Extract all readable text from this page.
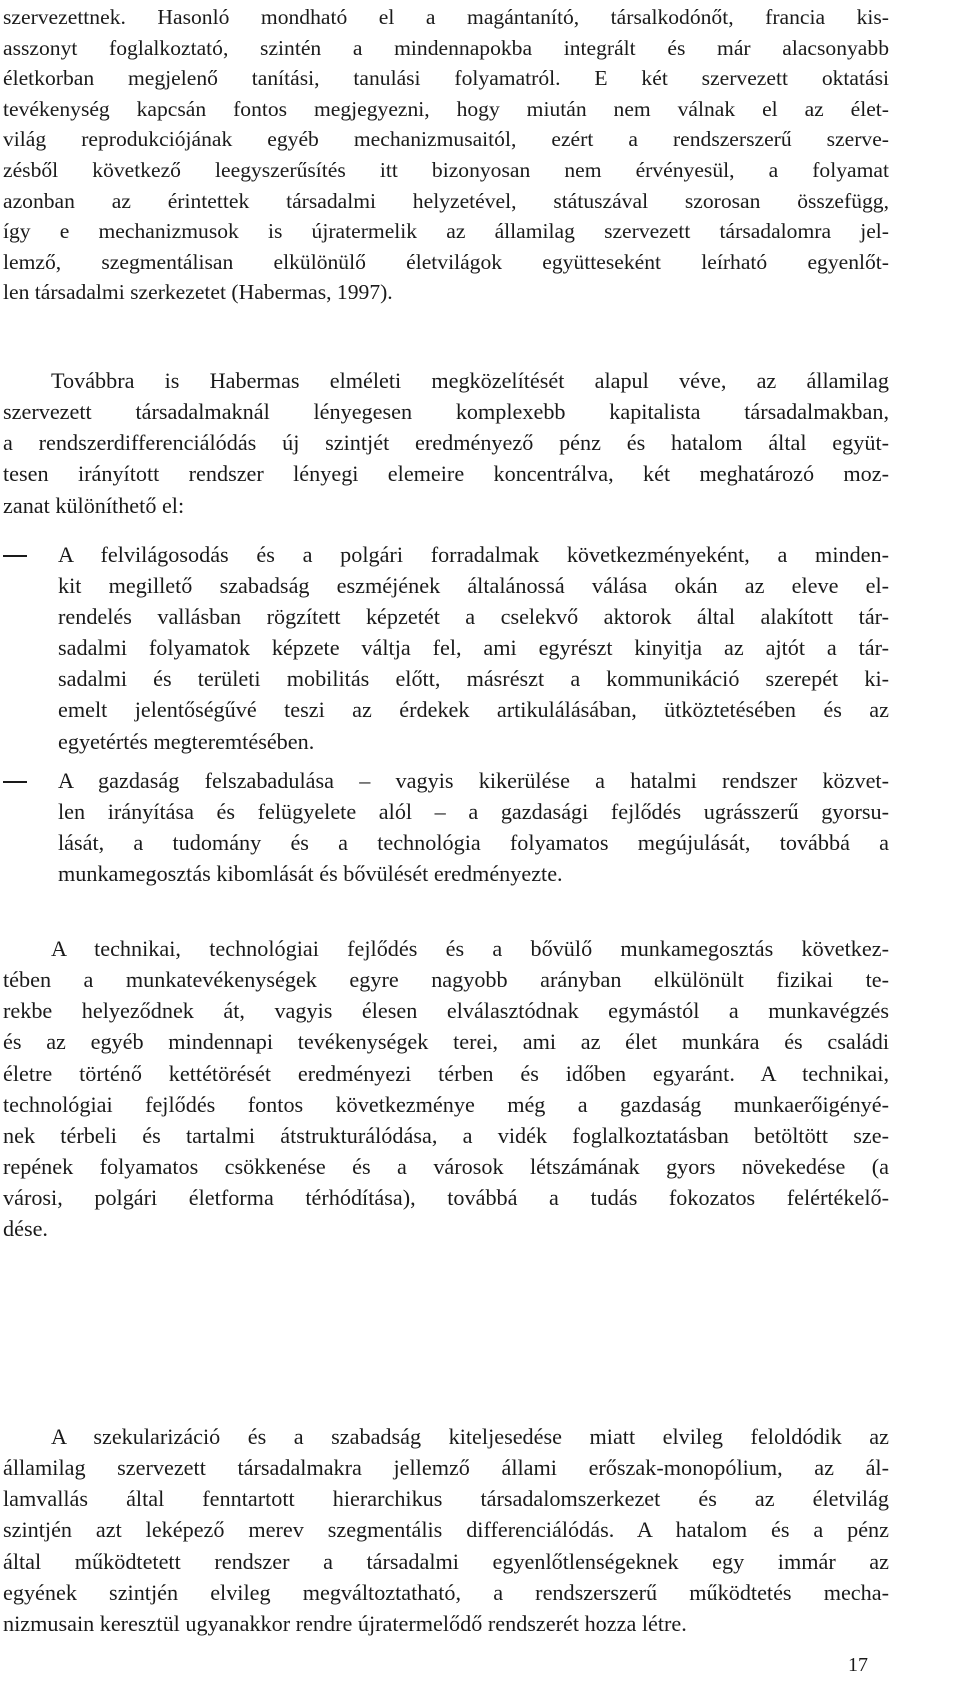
szervezettnek. Hasonló mondható el a magántanító, társalkodónőt, francia kis-
asszonyt foglalkoztató, szintén a mindennapokba integrált és már alacsonyabb
életkorban megjelenő tanítási, tanulási folyamatról. E két szervezett oktatási
tevékenység kapcsán fontos megjegyezni, hogy miután nem válnak el az élet-
világ reprodukciójának egyéb mechanizmusaitól, ezért a rendszerszerű szerve-
zésből következő leegyszerűsítés itt bizonyosan nem érvényesül, a folyamat
azonban az érintettek társadalmi helyzetével, státuszával szorosan összefügg,
így e mechanizmusok is újratermelik az államilag szervezett társadalomra jel-
lemző, szegmentálisan elkülönülő életvilágok együtteseként leírható egyenlőt-
len társadalmi szerkezetet (Habermas, 1997).
Továbbra is Habermas elméleti megközelítését alapul véve, az államilag
szervezett társadalmaknál lényegesen komplexebb kapitalista társadalmakban,
a rendszerdifferenciálódás új szintjét eredményező pénz és hatalom által együt-
tesen irányított rendszer lényegi elemeire koncentrálva, két meghatározó moz-
zanat különíthető el:
A felvilágosodás és a polgári forradalmak következményeként, a minden-
kit megillető szabadság eszméjének általánossá válása okán az eleve el-
rendelés vallásban rögzített képzetét a cselekvő aktorok által alakított tár-
sadalmi folyamatok képzete váltja fel, ami egyrészt kinyitja az ajtót a tár-
sadalmi és területi mobilitás előtt, másrészt a kommunikáció szerepét ki-
emelt jelentőségűvé teszi az érdekek artikulálásában, ütköztetésében és az
egyetértés megteremtésében.
A gazdaság felszabadulása – vagyis kikerülése a hatalmi rendszer közvet-
len irányítása és felügyelete alól – a gazdasági fejlődés ugrásszerű gyorsu-
lását, a tudomány és a technológia folyamatos megújulását, továbbá a
munkamegosztás kibomlását és bővülését eredményezte.
A technikai, technológiai fejlődés és a bővülő munkamegosztás következ-
tében a munkatevékenységek egyre nagyobb arányban elkülönült fizikai te-
rekbe helyeződnek át, vagyis élesen elválasztódnak egymástól a munkavégzés
és az egyéb mindennapi tevékenységek terei, ami az élet munkára és családi
életre történő kettétörését eredményezi térben és időben egyaránt. A technikai,
technológiai fejlődés fontos következménye még a gazdaság munkaerőigényé-
nek térbeli és tartalmi átstrukturálódása, a vidék foglalkoztatásban betöltött sze-
repének folyamatos csökkenése és a városok létszámának gyors növekedése (a
városi, polgári életforma térhódítása), továbbá a tudás fokozatos felértékelő-
dése.
A szekularizáció és a szabadság kiteljesedése miatt elvileg feloldódik az
államilag szervezett társadalmakra jellemző állami erőszak-monopólium, az ál-
lamvallás által fenntartott hierarchikus társadalomszerkezet és az életvilág
szintjén azt leképező merev szegmentális differenciálódás. A hatalom és a pénz
által működtetett rendszer a társadalmi egyenlőtlenségeknek egy immár az
egyének szintjén elvileg megváltoztatható, a rendszerszerű működtetés mecha-
nizmusain keresztül ugyanakkor rendre újratermelődő rendszerét hozza létre.
17
